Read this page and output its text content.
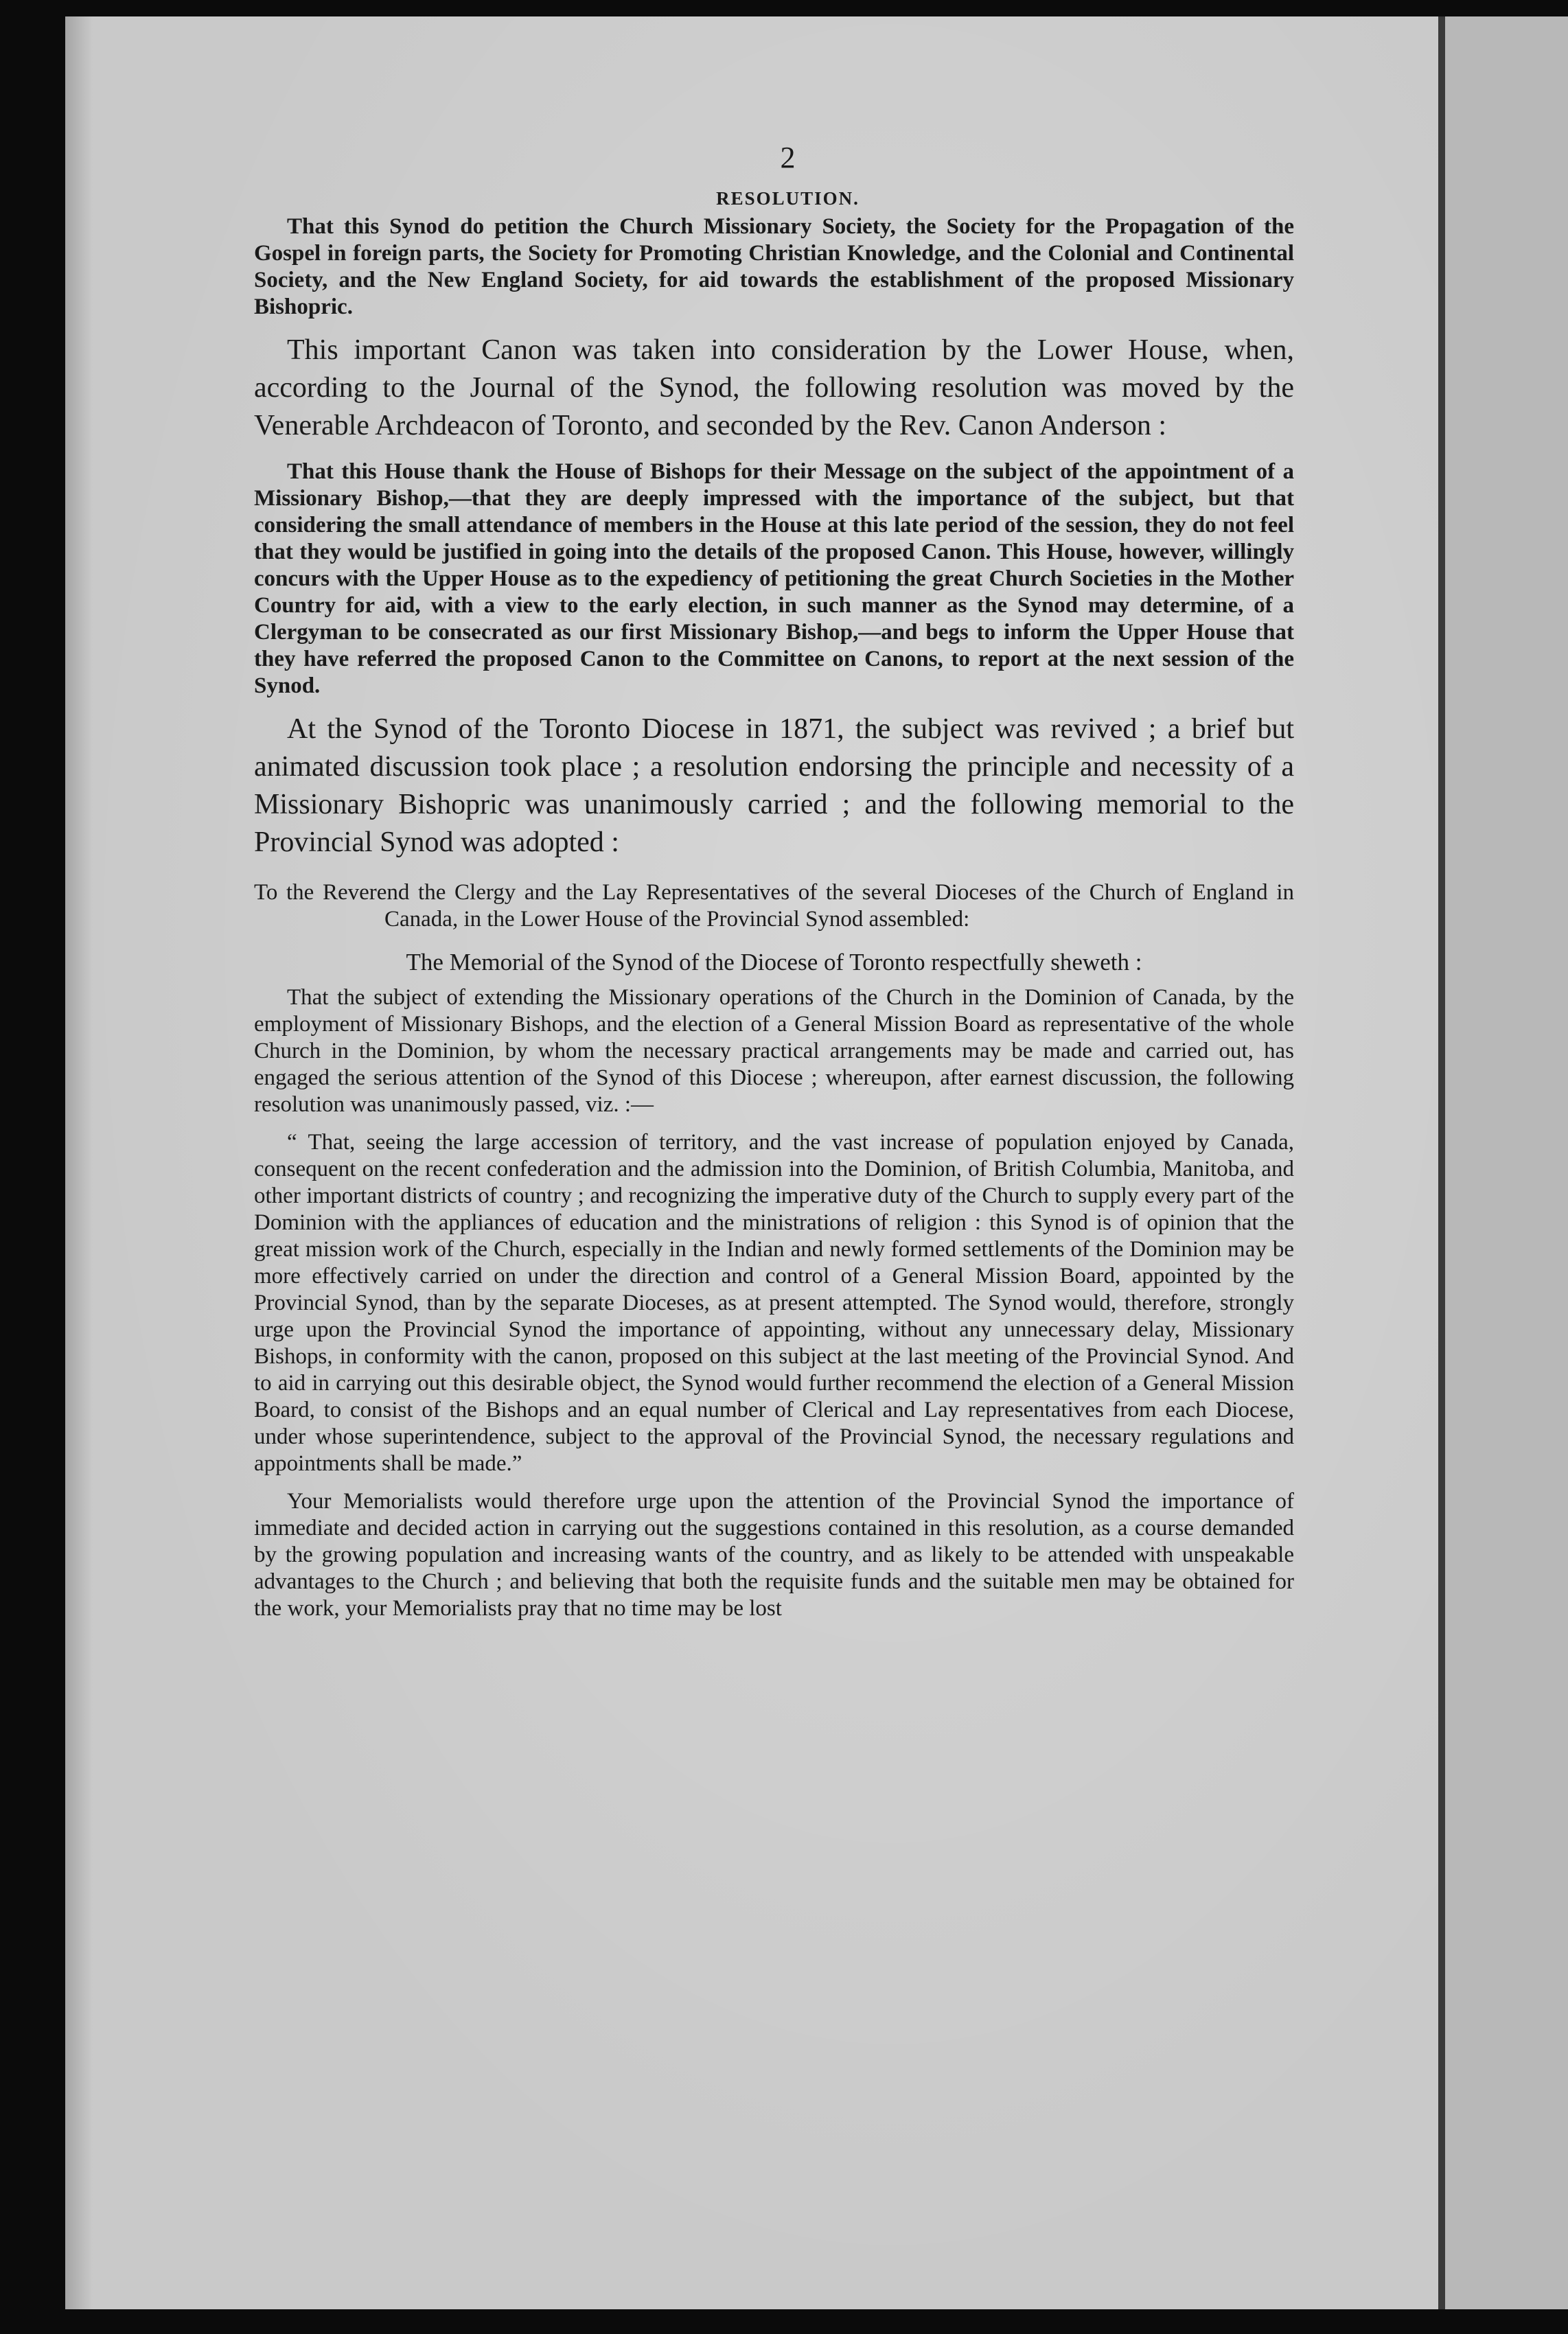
2
RESOLUTION.

That this Synod do petition the Church Missionary Society, the Society for the Propagation of the Gospel in foreign parts, the Society for Promoting Christian Knowledge, and the Colonial and Continental Society, and the New England Society, for aid towards the establishment of the proposed Missionary Bishopric.

This important Canon was taken into consideration by the Lower House, when, according to the Journal of the Synod, the following resolution was moved by the Venerable Archdeacon of Toronto, and seconded by the Rev. Canon Anderson :

That this House thank the House of Bishops for their Message on the subject of the appointment of a Missionary Bishop,—that they are deeply impressed with the importance of the subject, but that considering the small attendance of members in the House at this late period of the session, they do not feel that they would be justified in going into the details of the proposed Canon. This House, however, willingly concurs with the Upper House as to the expediency of petitioning the great Church Societies in the Mother Country for aid, with a view to the early election, in such manner as the Synod may determine, of a Clergyman to be consecrated as our first Missionary Bishop,—and begs to inform the Upper House that they have referred the proposed Canon to the Committee on Canons, to report at the next session of the Synod.

At the Synod of the Toronto Diocese in 1871, the subject was revived ; a brief but animated discussion took place ; a resolution endorsing the principle and necessity of a Missionary Bishopric was unanimously carried ; and the following memorial to the Provincial Synod was adopted :

To the Reverend the Clergy and the Lay Representatives of the several Dioceses of the Church of England in Canada, in the Lower House of the Provincial Synod assembled:

The Memorial of the Synod of the Diocese of Toronto respectfully sheweth :

That the subject of extending the Missionary operations of the Church in the Dominion of Canada, by the employment of Missionary Bishops, and the election of a General Mission Board as representative of the whole Church in the Dominion, by whom the necessary practical arrangements may be made and carried out, has engaged the serious attention of the Synod of this Diocese ; whereupon, after earnest discussion, the following resolution was unanimously passed, viz. :—

“ That, seeing the large accession of territory, and the vast increase of population enjoyed by Canada, consequent on the recent confederation and the admission into the Dominion, of British Columbia, Manitoba, and other important districts of country ; and recognizing the imperative duty of the Church to supply every part of the Dominion with the appliances of education and the ministrations of religion : this Synod is of opinion that the great mission work of the Church, especially in the Indian and newly formed settlements of the Dominion may be more effectively carried on under the direction and control of a General Mission Board, appointed by the Provincial Synod, than by the separate Dioceses, as at present attempted. The Synod would, therefore, strongly urge upon the Provincial Synod the importance of appointing, without any unnecessary delay, Missionary Bishops, in conformity with the canon, proposed on this subject at the last meeting of the Provincial Synod. And to aid in carrying out this desirable object, the Synod would further recommend the election of a General Mission Board, to consist of the Bishops and an equal number of Clerical and Lay representatives from each Diocese, under whose superintendence, subject to the approval of the Provincial Synod, the necessary regulations and appointments shall be made.”

Your Memorialists would therefore urge upon the attention of the Provincial Synod the importance of immediate and decided action in carrying out the suggestions contained in this resolution, as a course demanded by the growing population and increasing wants of the country, and as likely to be attended with unspeakable advantages to the Church ; and believing that both the requisite funds and the suitable men may be obtained for the work, your Memorialists pray that no time may be lost
